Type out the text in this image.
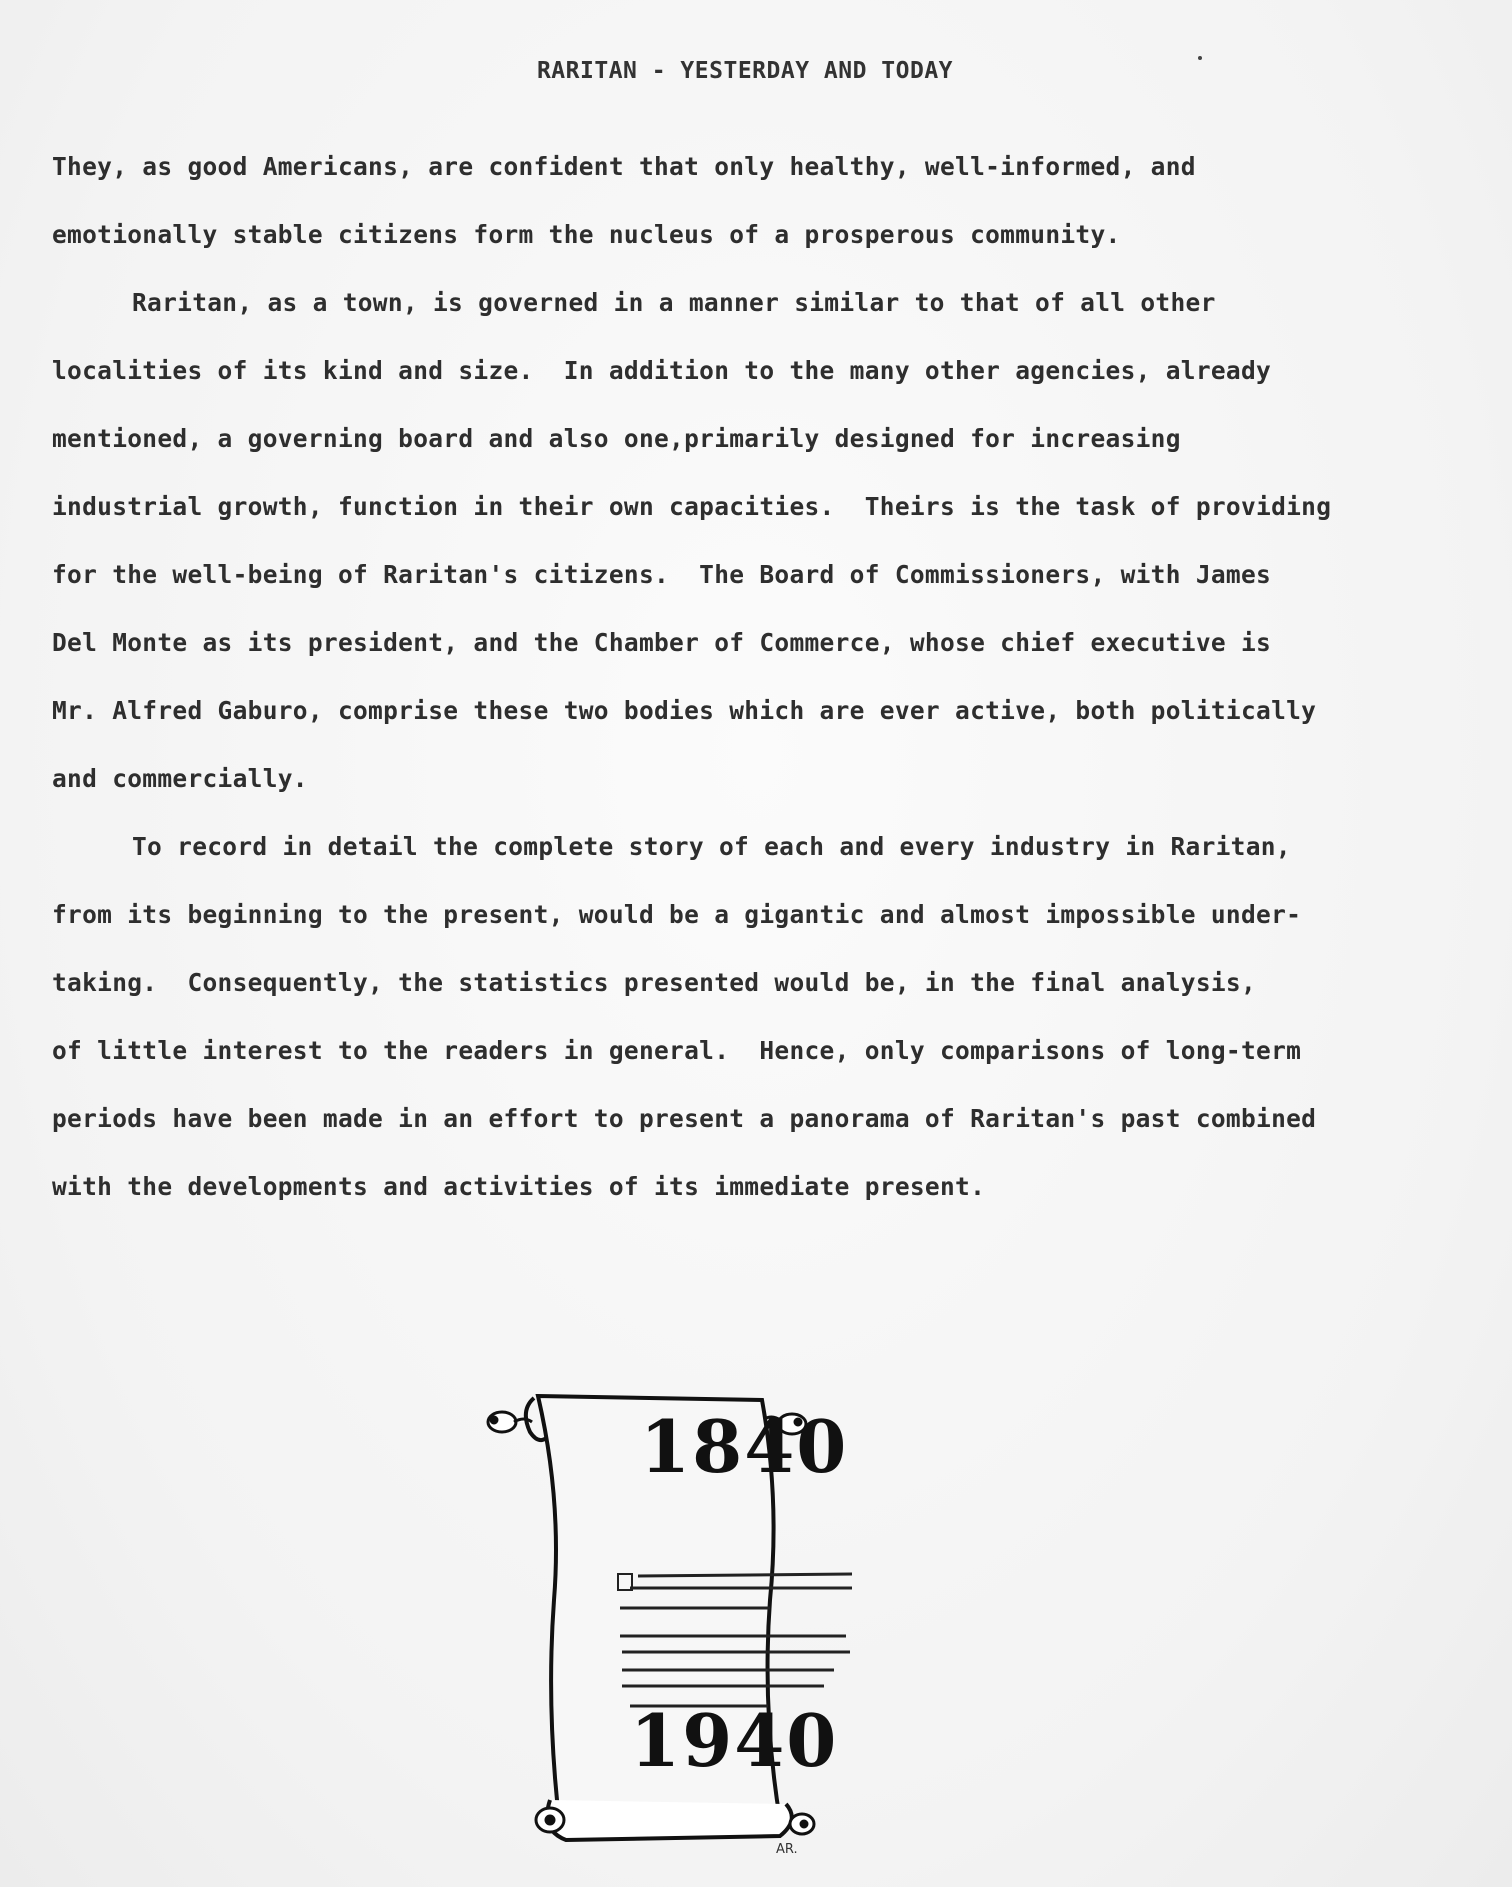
RARITAN - YESTERDAY AND TODAY
They, as good Americans, are confident that only healthy, well-informed, and
emotionally stable citizens form the nucleus of a prosperous community.
Raritan, as a town, is governed in a manner similar to that of all other
localities of its kind and size.  In addition to the many other agencies, already
mentioned, a governing board and also one,primarily designed for increasing
industrial growth, function in their own capacities.  Theirs is the task of providing
for the well-being of Raritan's citizens.  The Board of Commissioners, with James
Del Monte as its president, and the Chamber of Commerce, whose chief executive is
Mr. Alfred Gaburo, comprise these two bodies which are ever active, both politically
and commercially.
To record in detail the complete story of each and every industry in Raritan,
from its beginning to the present, would be a gigantic and almost impossible under-
taking.  Consequently, the statistics presented would be, in the final analysis,
of little interest to the readers in general.  Hence, only comparisons of long-term
periods have been made in an effort to present a panorama of Raritan's past combined
with the developments and activities of its immediate present.
1840
1940
AR.
